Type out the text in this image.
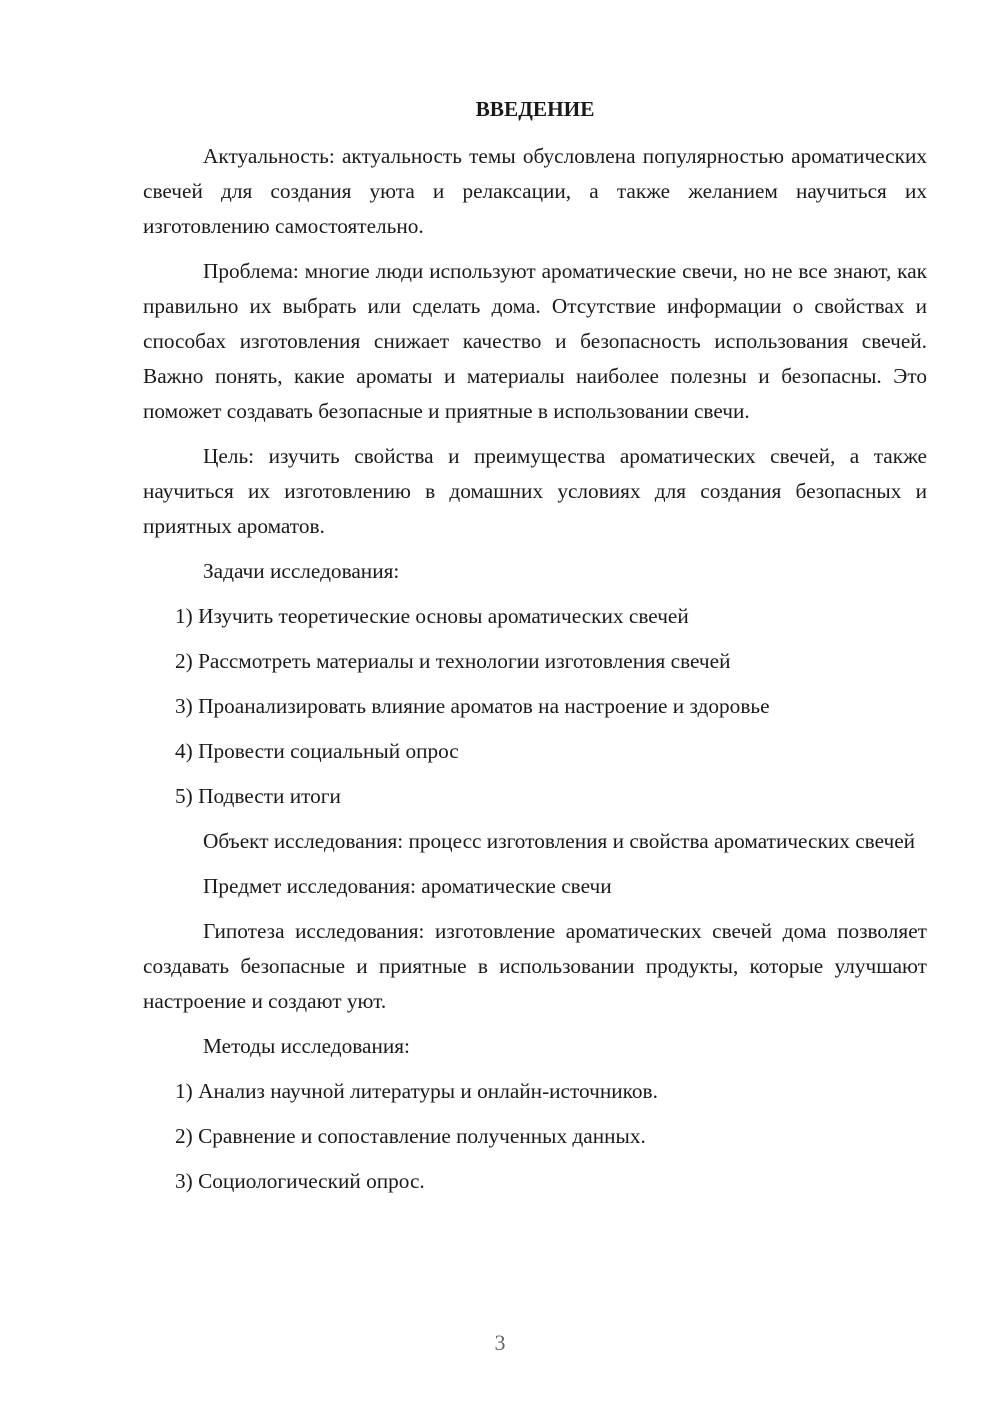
ВВЕДЕНИЕ

Актуальность: актуальность темы обусловлена популярностью ароматических свечей для создания уюта и релаксации, а также желанием научиться их изготовлению самостоятельно.

Проблема: многие люди используют ароматические свечи, но не все знают, как правильно их выбрать или сделать дома. Отсутствие информации о свойствах и способах изготовления снижает качество и безопасность использования свечей. Важно понять, какие ароматы и материалы наиболее полезны и безопасны. Это поможет создавать безопасные и приятные в использовании свечи.

Цель: изучить свойства и преимущества ароматических свечей, а также научиться их изготовлению в домашних условиях для создания безопасных и приятных ароматов.

Задачи исследования:

1) Изучить теоретические основы ароматических свечей
2) Рассмотреть материалы и технологии изготовления свечей
3) Проанализировать влияние ароматов на настроение и здоровье
4) Провести социальный опрос
5) Подвести итоги

Объект исследования: процесс изготовления и свойства ароматических свечей

Предмет исследования: ароматические свечи

Гипотеза исследования: изготовление ароматических свечей дома позволяет создавать безопасные и приятные в использовании продукты, которые улучшают настроение и создают уют.

Методы исследования:

1) Анализ научной литературы и онлайн-источников.
2) Сравнение и сопоставление полученных данных.
3) Социологический опрос.
3
